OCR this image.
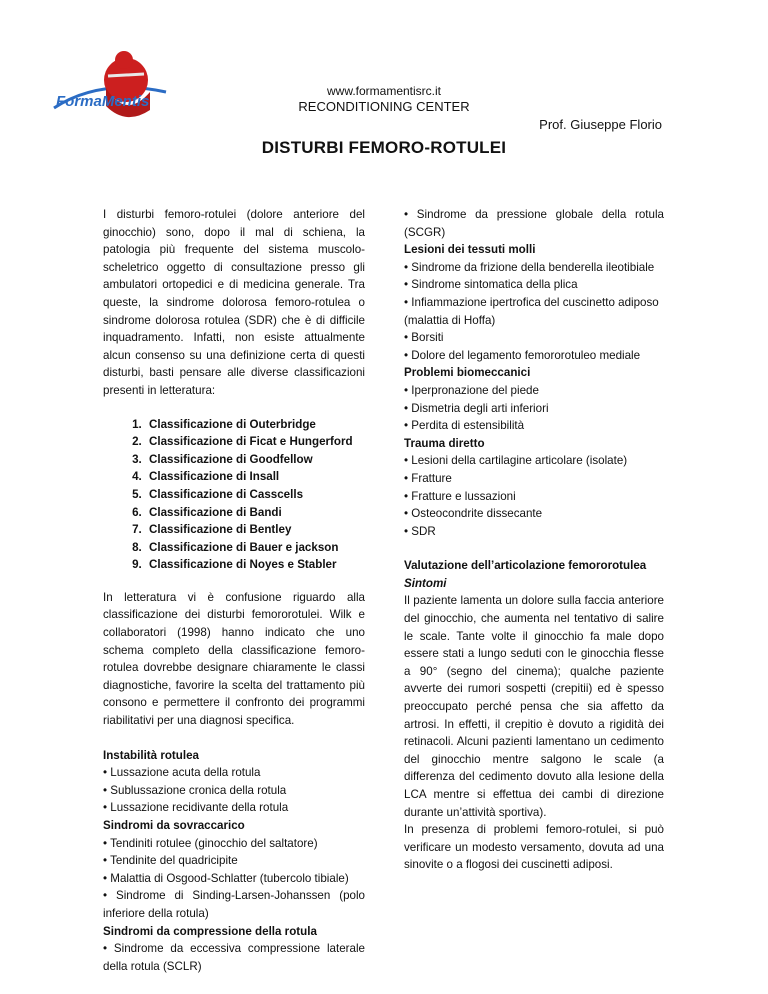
FormaMentis
www.formamentisrc.it
RECONDITIONING CENTER
Prof. Giuseppe Florio
DISTURBI FEMORO-ROTULEI

I disturbi femoro-rotulei (dolore anteriore del ginocchio) sono, dopo il mal di schiena, la patologia più frequente del sistema muscolo-scheletrico oggetto di consultazione presso gli ambulatori ortopedici e di medicina generale. Tra queste, la sindrome dolorosa femoro-rotulea o sindrome dolorosa rotulea (SDR) che è di difficile inquadramento. Infatti, non esiste attualmente alcun consenso su una definizione certa di questi disturbi, basti pensare alle diverse classificazioni presenti in letteratura:

1. Classificazione di Outerbridge
2. Classificazione di Ficat e Hungerford
3. Classificazione di Goodfellow
4. Classificazione di Insall
5. Classificazione di Casscells
6. Classificazione di Bandi
7. Classificazione di Bentley
8. Classificazione di Bauer e jackson
9. Classificazione di Noyes e Stabler

In letteratura vi è confusione riguardo alla classificazione dei disturbi femororotulei. Wilk e collaboratori (1998) hanno indicato che uno schema completo della classificazione femoro-rotulea dovrebbe designare chiaramente le classi diagnostiche, favorire la scelta del trattamento più consono e permettere il confronto dei programmi riabilitativi per una diagnosi specifica.

Instabilità rotulea
• Lussazione acuta della rotula
• Sublussazione cronica della rotula
• Lussazione recidivante della rotula
Sindromi da sovraccarico
• Tendiniti rotulee (ginocchio del saltatore)
• Tendinite del quadricipite
• Malattia di Osgood-Schlatter (tubercolo tibiale)

• Sindrome di Sinding-Larsen-Johanssen (polo inferiore della rotula)

Sindromi da compressione della rotula

• Sindrome da eccessiva compressione laterale della rotula (SCLR)

• Sindrome da pressione globale della rotula (SCGR)

Lesioni dei tessuti molli
• Sindrome da frizione della benderella ileotibiale
• Sindrome sintomatica della plica
• Infiammazione ipertrofica del cuscinetto adiposo
(malattia di Hoffa)
• Borsiti
• Dolore del legamento femororotuleo mediale
Problemi biomeccanici
• Iperpronazione del piede
• Dismetria degli arti inferiori
• Perdita di estensibilità
Trauma diretto
• Lesioni della cartilagine articolare (isolate)
• Fratture
• Fratture e lussazioni
• Osteocondrite dissecante
• SDR
Valutazione dell’articolazione femororotulea
Sintomi

Il paziente lamenta un dolore sulla faccia anteriore del ginocchio, che aumenta nel tentativo di salire le scale. Tante volte il ginocchio fa male dopo essere stati a lungo seduti con le ginocchia flesse a 90° (segno del cinema); qualche paziente avverte dei rumori sospetti (crepitii) ed è spesso preoccupato perché pensa che sia affetto da artrosi. In effetti, il crepitio è dovuto a rigidità dei retinacoli. Alcuni pazienti lamentano un cedimento del ginocchio mentre salgono le scale (a differenza del cedimento dovuto alla lesione della LCA mentre si effettua dei cambi di direzione durante un’attività sportiva).

In presenza di problemi femoro-rotulei, si può verificare un modesto versamento, dovuta ad una sinovite o a flogosi dei cuscinetti adiposi.
